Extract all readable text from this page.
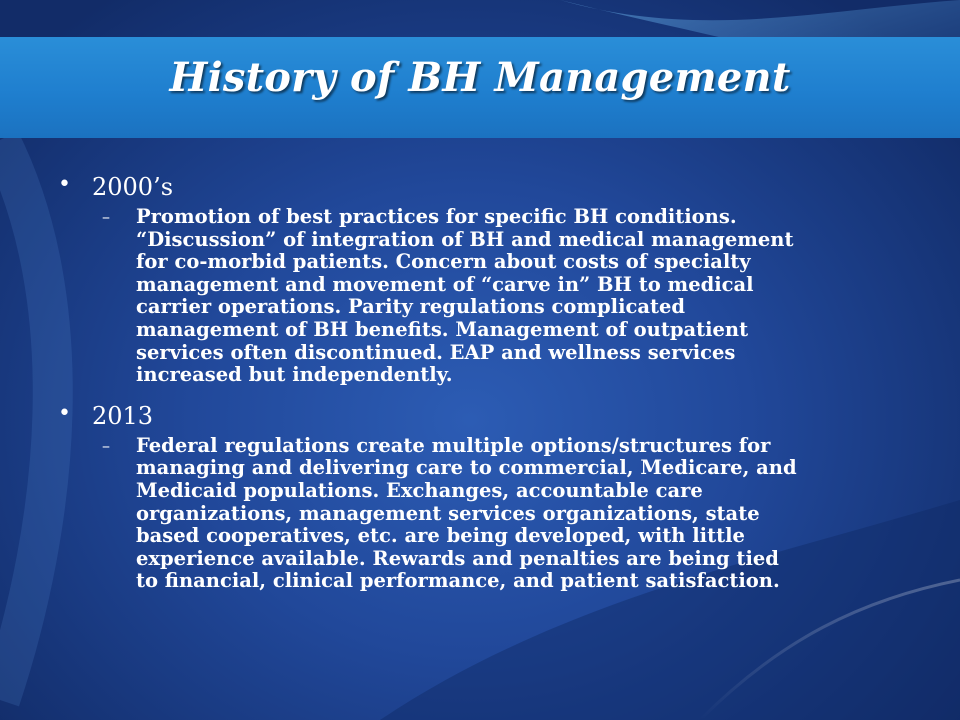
History of BH Management
• 2000’s
– Promotion of best practices for specific BH conditions.
“Discussion” of integration of BH and medical management
for co-morbid patients. Concern about costs of specialty
management and movement of “carve in” BH to medical
carrier operations. Parity regulations complicated
management of BH benefits. Management of outpatient
services often discontinued. EAP and wellness services
increased but independently.
• 2013
– Federal regulations create multiple options/structures for
managing and delivering care to commercial, Medicare, and
Medicaid populations. Exchanges, accountable care
organizations, management services organizations, state
based cooperatives, etc. are being developed, with little
experience available. Rewards and penalties are being tied
to financial, clinical performance, and patient satisfaction.
